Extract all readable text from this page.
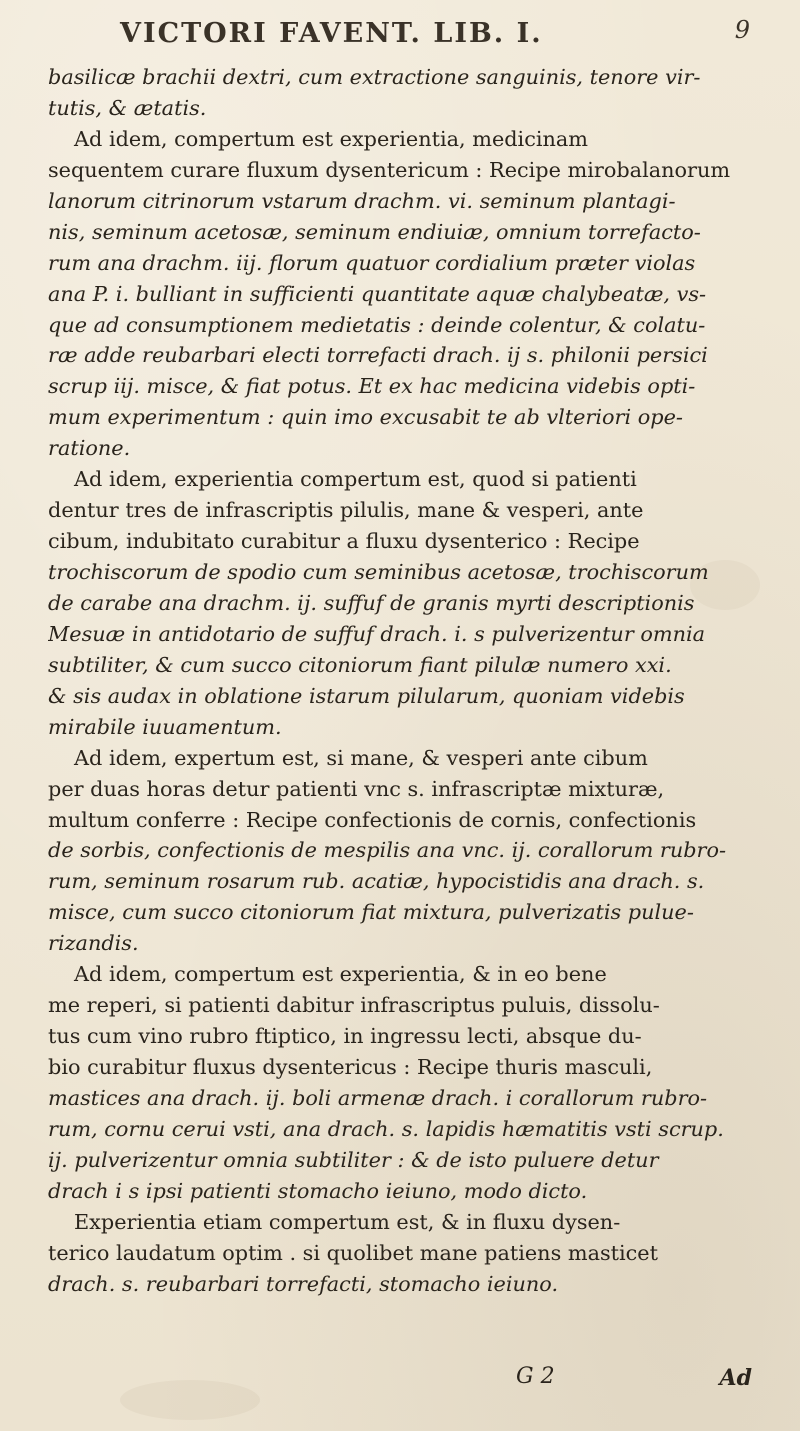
VICTORI FAVENT. LIB. I.	9
basilicæ brachii dextri, cum extractione sanguinis, tenore vir-
tutis, & ætatis.
Ad idem, compertum est experientia, medicinam
sequentem curare fluxum dysentericum : Recipe mirobalanorum
lanorum citrinorum vstarum drachm. vi. seminum plantagi-
nis, seminum acetosæ, seminum endiuiæ, omnium torrefacto-
rum ana drachm. iij. florum quatuor cordialium præter violas
ana P. i. bulliant in sufficienti quantitate aquæ chalybeatæ, vs-
que ad consumptionem medietatis : deinde colentur, & colatu-
ræ adde reubarbari electi torrefacti drach. ij s. philonii persici
scrup iij. misce, & fiat potus. Et ex hac medicina videbis opti-
mum experimentum : quin imo excusabit te ab vlteriori ope-
ratione.
Ad idem, experientia compertum est, quod si patienti
dentur tres de infrascriptis pilulis, mane & vesperi, ante
cibum, indubitato curabitur a fluxu dysenterico : Recipe
trochiscorum de spodio cum seminibus acetosæ, trochiscorum
de carabe ana drachm. ij. suffuf de granis myrti descriptionis
Mesuæ in antidotario de suffuf drach. i. s pulverizentur omnia
subtiliter, & cum succo citoniorum fiant pilulæ numero xxi.
& sis audax in oblatione istarum pilularum, quoniam videbis
mirabile iuuamentum.
Ad idem, expertum est, si mane, & vesperi ante cibum
per duas horas detur patienti vnc s. infrascriptæ mixturæ,
multum conferre : Recipe confectionis de cornis, confectionis
de sorbis, confectionis de mespilis ana vnc. ij. corallorum rubro-
rum, seminum rosarum rub. acatiæ, hypocistidis ana drach. s.
misce, cum succo citoniorum fiat mixtura, pulverizatis pulue-
rizandis.
Ad idem, compertum est experientia, & in eo bene
me reperi, si patienti dabitur infrascriptus puluis, dissolu-
tus cum vino rubro ftiptico, in ingressu lecti, absque du-
bio curabitur fluxus dysentericus : Recipe thuris masculi,
mastices ana drach. ij. boli armenæ drach. i corallorum rubro-
rum, cornu cerui vsti, ana drach. s. lapidis hæmatitis vsti scrup.
ij. pulverizentur omnia subtiliter : & de isto puluere detur
drach i s ipsi patienti stomacho ieiuno, modo dicto.
Experientia etiam compertum est, & in fluxu dysen-
terico laudatum optim . si quolibet mane patiens masticet
drach. s. reubarbari torrefacti, stomacho ieiuno.
G 2	Ad
